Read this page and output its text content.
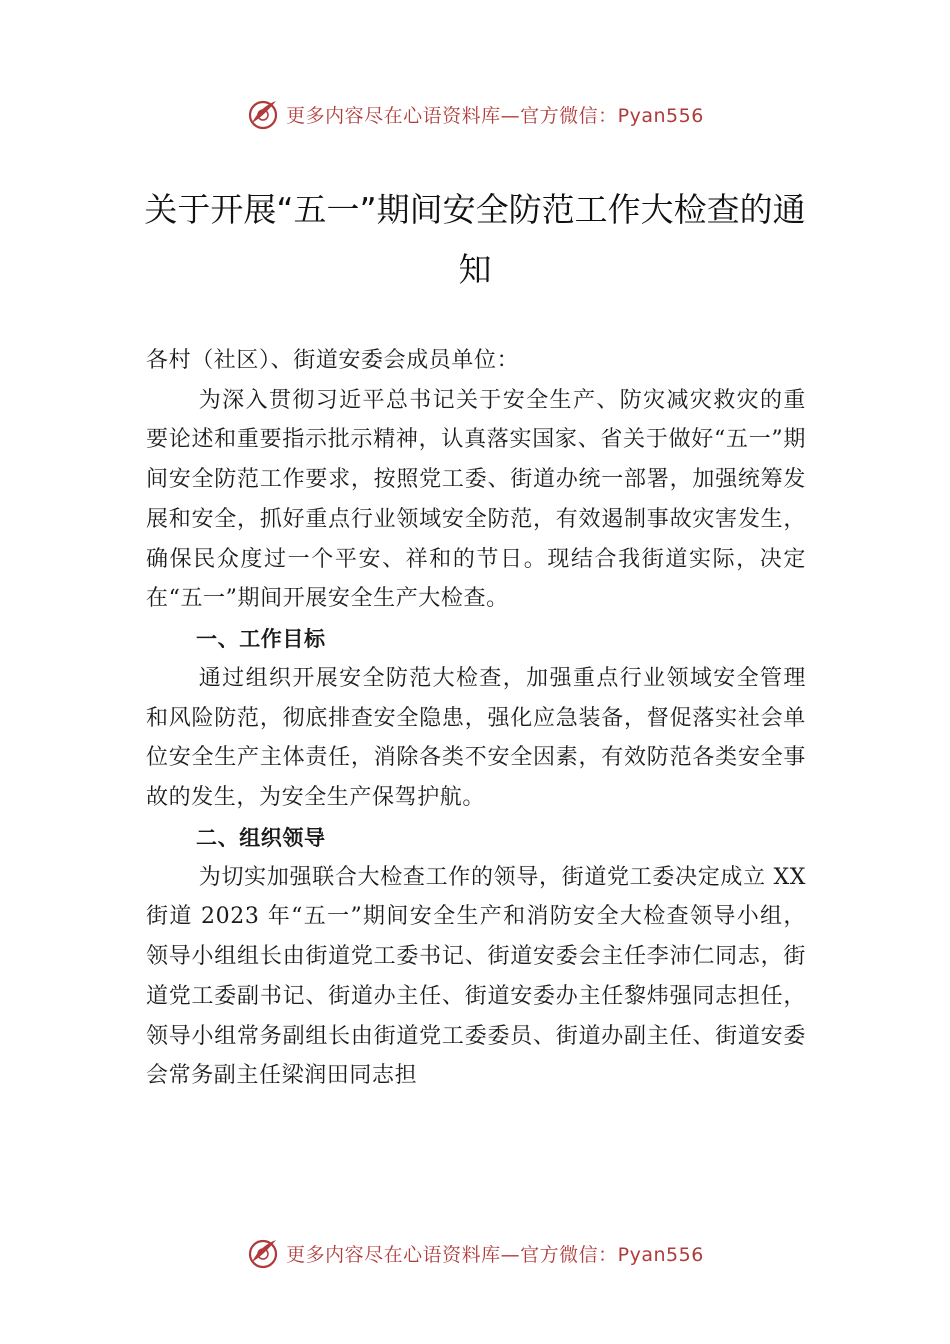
更多内容尽在心语资料库—官方微信：Pyan556
关于开展“五一”期间安全防范工作大检查的通知

各村（社区）、街道安委会成员单位：

为深入贯彻习近平总书记关于安全生产、防灾减灾救灾的重要论述和重要指示批示精神，认真落实国家、省关于做好“五一”期间安全防范工作要求，按照党工委、街道办统一部署，加强统筹发展和安全，抓好重点行业领域安全防范，有效遏制事故灾害发生，确保民众度过一个平安、祥和的节日。现结合我街道实际，决定在“五一”期间开展安全生产大检查。

一、工作目标

通过组织开展安全防范大检查，加强重点行业领域安全管理和风险防范，彻底排查安全隐患，强化应急装备，督促落实社会单位安全生产主体责任，消除各类不安全因素，有效防范各类安全事故的发生，为安全生产保驾护航。

二、组织领导

为切实加强联合大检查工作的领导，街道党工委决定成立 XX 街道 2023 年“五一”期间安全生产和消防安全大检查领导小组，领导小组组长由街道党工委书记、街道安委会主任李沛仁同志，街道党工委副书记、街道办主任、街道安委办主任黎炜强同志担任，领导小组常务副组长由街道党工委委员、街道办副主任、街道安委会常务副主任梁润田同志担

更多内容尽在心语资料库—官方微信：Pyan556
